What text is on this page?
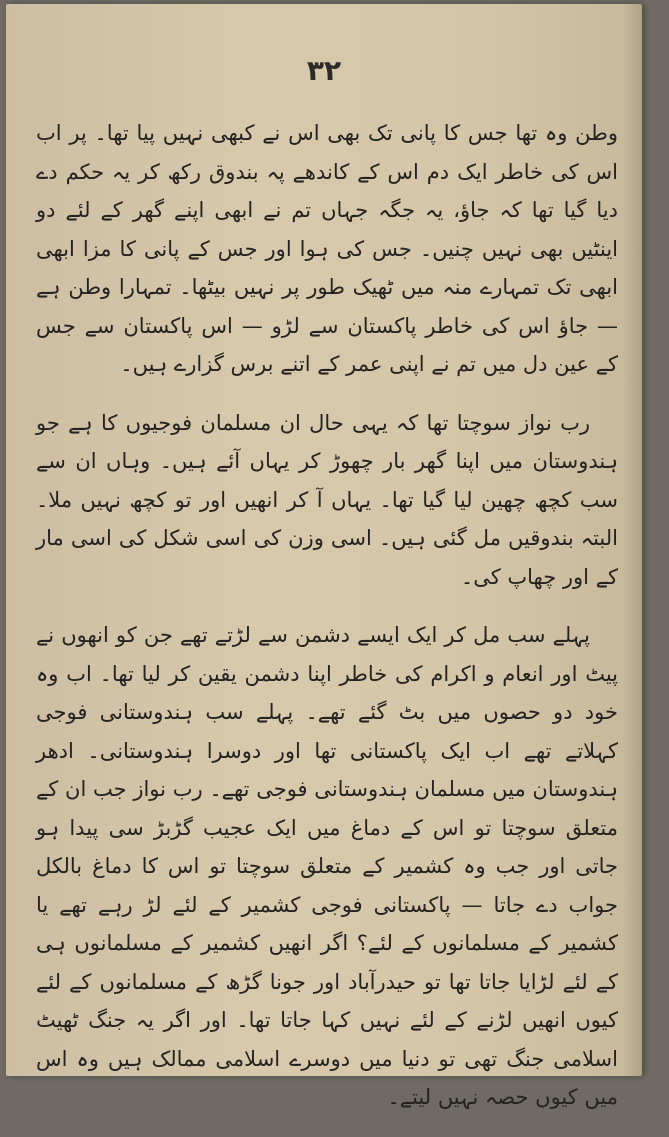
۳۲

وطن وہ تھا جس کا پانی تک بھی اس نے کبھی نہیں پیا تھا۔ پر اب اس کی خاطر ایک دم اس کے کاندھے پہ بندوق رکھ کر یہ حکم دے دیا گیا تھا کہ جاؤ، یہ جگہ جہاں تم نے ابھی اپنے گھر کے لئے دو اینٹیں بھی نہیں چنیں۔ جس کی ہوا اور جس کے پانی کا مزا ابھی ابھی تک تمہارے منہ میں ٹھیک طور پر نہیں بیٹھا۔ تمہارا وطن ہے — جاؤ اس کی خاطر پاکستان سے لڑو — اس پاکستان سے جس کے عین دل میں تم نے اپنی عمر کے اتنے برس گزارے ہیں۔

رب نواز سوچتا تھا کہ یہی حال ان مسلمان فوجیوں کا ہے جو ہندوستان میں اپنا گھر بار چھوڑ کر یہاں آئے ہیں۔ وہاں ان سے سب کچھ چھین لیا گیا تھا۔ یہاں آ کر انھیں اور تو کچھ نہیں ملا۔ البتہ بندوقیں مل گئی ہیں۔ اسی وزن کی اسی شکل کی اسی مار کے اور چھاپ کی۔

پہلے سب مل کر ایک ایسے دشمن سے لڑتے تھے جن کو انھوں نے پیٹ اور انعام و اکرام کی خاطر اپنا دشمن یقین کر لیا تھا۔ اب وہ خود دو حصوں میں بٹ گئے تھے۔ پہلے سب ہندوستانی فوجی کہلاتے تھے اب ایک پاکستانی تھا اور دوسرا ہندوستانی۔ ادھر ہندوستان میں مسلمان ہندوستانی فوجی تھے۔ رب نواز جب ان کے متعلق سوچتا تو اس کے دماغ میں ایک عجیب گڑبڑ سی پیدا ہو جاتی اور جب وہ کشمیر کے متعلق سوچتا تو اس کا دماغ بالکل جواب دے جاتا — پاکستانی فوجی کشمیر کے لئے لڑ رہے تھے یا کشمیر کے مسلمانوں کے لئے؟ اگر انھیں کشمیر کے مسلمانوں ہی کے لئے لڑایا جاتا تھا تو حیدرآباد اور جونا گڑھ کے مسلمانوں کے لئے کیوں انھیں لڑنے کے لئے نہیں کہا جاتا تھا۔ اور اگر یہ جنگ ٹھیٹ اسلامی جنگ تھی تو دنیا میں دوسرے اسلامی ممالک ہیں وہ اس میں کیوں حصہ نہیں لیتے۔
